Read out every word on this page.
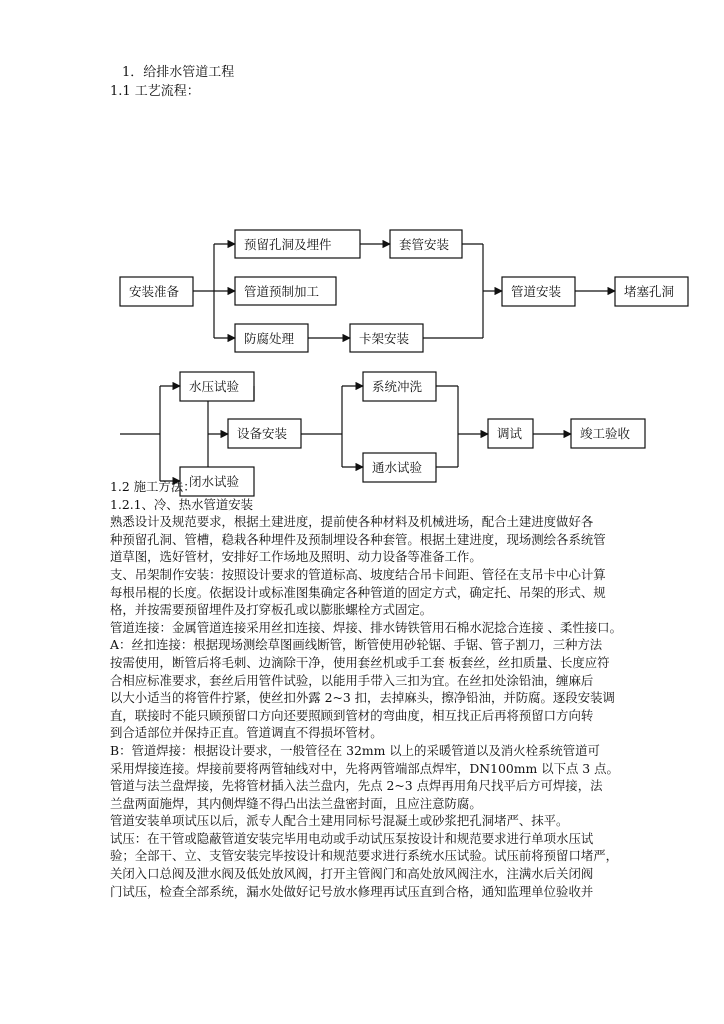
1．给排水管道工程
1.1 工艺流程：
安装准备
预留孔洞及埋件	套管安装
管道预制加工
防腐处理	卡架安装
管道安装	堵塞孔洞
水压试验
设备安装
闭水试验
系统冲洗
通水试验
调试	竣工验收

1.2 施工方法：

1.2.1、冷、热水管道安装

熟悉设计及规范要求，根据土建进度，提前使各种材料及机械进场，配合土建进度做好各

种预留孔洞、管槽，稳栽各种埋件及预制埋设各种套管。根据土建进度，现场测绘各系统管

道草图，选好管材，安排好工作场地及照明、动力设备等准备工作。

支、吊架制作安装：按照设计要求的管道标高、坡度结合吊卡间距、管径在支吊卡中心计算

每根吊棍的长度。依据设计或标准图集确定各种管道的固定方式，确定托、吊架的形式、规

格，并按需要预留埋件及打穿板孔或以膨胀螺栓方式固定。

管道连接：金属管道连接采用丝扣连接、焊接、排水铸铁管用石棉水泥捻合连接 、柔性接口。

A：丝扣连接：根据现场测绘草图画线断管，断管使用砂轮锯、手锯、管子割刀，三种方法

按需使用，断管后将毛刺、边滴除干净，使用套丝机或手工套 板套丝，丝扣质量、长度应符

合相应标准要求，套丝后用管件试验，以能用手带入三扣为宜。在丝扣处涂铅油，缠麻后

以大小适当的将管件拧紧，使丝扣外露 2~3 扣，去掉麻头，擦净铅油，并防腐。逐段安装调

直，联接时不能只顾预留口方向还要照顾到管材的弯曲度，相互找正后再将预留口方向转

到合适部位并保持正直。管道调直不得损坏管材。

B：管道焊接：根据设计要求，一般管径在 32mm 以上的采暖管道以及消火栓系统管道可

采用焊接连接。焊接前要将两管轴线对中，先将两管端部点焊牢，DN100mm 以下点 3 点。

管道与法兰盘焊接，先将管材插入法兰盘内，先点 2~3 点焊再用角尺找平后方可焊接，法

兰盘两面施焊，其内侧焊缝不得凸出法兰盘密封面，且应注意防腐。

管道安装单项试压以后，派专人配合土建用同标号混凝土或砂浆把孔洞堵严、抹平。

试压：在干管或隐蔽管道安装完毕用电动或手动试压泵按设计和规范要求进行单项水压试

验；全部干、立、支管安装完毕按设计和规范要求进行系统水压试验。试压前将预留口堵严，

关闭入口总阀及泄水阀及低处放风阀，打开主管阀门和高处放风阀注水，注满水后关闭阀

门试压，检查全部系统，漏水处做好记号放水修理再试压直到合格，通知监理单位验收并
